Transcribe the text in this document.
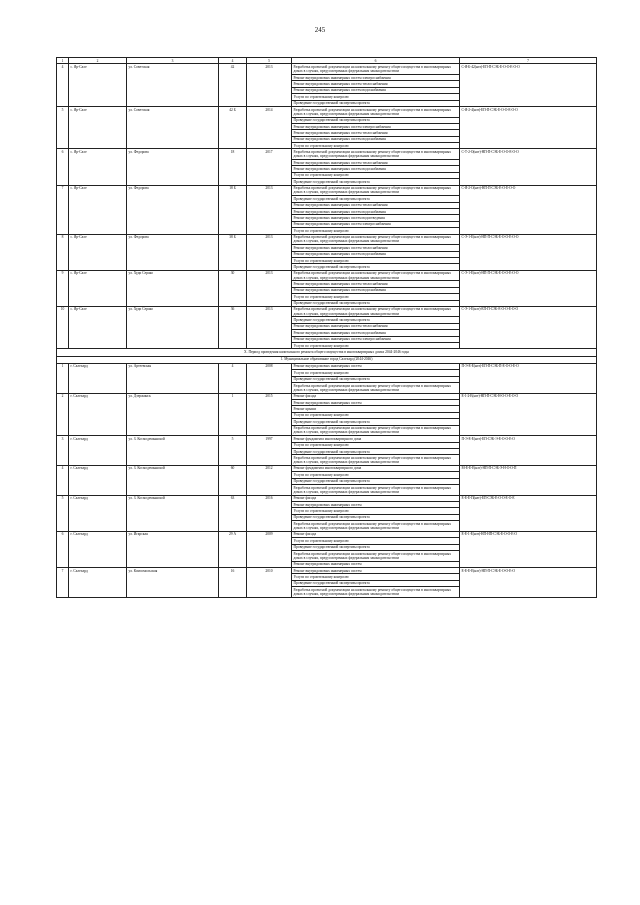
245
1	2	3	4	5	6	7
4	с. Яр-Сале	ул. Советская	42	2013	Разработка проектной документации на капитальному ремонту общего имущества в многоквартирных домах в случаях, предусмотренных федеральным законодательством	С-Я-Б-42(нлт)-ЕП-П-СЭБ-Е-О-О-Е-О-О
					Ремонт внутридомовых инженерных систем электроснабжения	
					Ремонт внутридомовых инженерных систем теплоснабжения	
					Ремонт внутридомовых инженерных систем водоснабжения	
					Услуги по строительному контролю	
					Проведение государственной экспертизы проекта	
5	с. Яр-Сале	ул. Советская	42 Б	2014	Разработка проектной документации на капитальному ремонту общего имущества в многоквартирных домах в случаях, предусмотренных федеральным законодательством	С-Я-2-4(нлт)-ЕП-П-СЭБ-Е-О-О-Е-О-О
					Проведение государственной экспертизы проекта	
					Ремонт внутридомовых инженерных систем электроснабжения	
					Ремонт внутридомовых инженерных систем теплоснабжения	
					Ремонт внутридомовых инженерных систем водоснабжения	
					Услуги по строительному контролю	
6	с. Яр-Сале	ул. Федорова	18	2017	Разработка проектной документации на капитальному ремонту общего имущества в многоквартирных домах в случаях, предусмотренных федеральным законодательством	С-Т-2-О(нлт)-НП-П-СЭБ-Е-О-О-Е-О-О
					Ремонт внутридомовых инженерных систем теплоснабжения	
					Ремонт внутридомовых инженерных систем водоснабжения	
					Услуги по строительному контролю	
					Проведение государственной экспертизы проекта	
7	с. Яр-Сале	ул. Федорова	18 Б	2013	Разработка проектной документации на капитальному ремонту общего имущества в многоквартирных домах в случаях, предусмотренных федеральным законодательством	С-Я-2-О(нлт)-НП-П-СЭБ-Е-О-Е-О-О
					Проведение государственной экспертизы проекта	
					Ремонт внутридомовых инженерных систем теплоснабжения	
					Ремонт внутридомовых инженерных систем водоснабжения	
					Ремонт внутридомовых инженерных систем водоотведения	
					Ремонт внутридомовых инженерных систем электроснабжения	
					Услуги по строительному контролю	
8	с. Яр-Сале	ул. Федорова	38 Б	2013	Разработка проектной документации на капитальному ремонту общего имущества в многоквартирных домах в случаях, предусмотренных федеральным законодательством	С-Э-1-Е(нлт)-НП-П-СЭБ-Е-О-О-Е-О-О
					Ремонт внутридомовых инженерных систем теплоснабжения	
					Ремонт внутридомовых инженерных систем водоснабжения	
					Услуги по строительному контролю	
					Проведение государственной экспертизы проекта	
9	с. Яр-Сале	ул. Худи Серако	30	2013	Разработка проектной документации на капитальному ремонту общего имущества в многоквартирных домах в случаях, предусмотренных федеральным законодательством	С-Э-1-Е(нлт)-НП-П-СЭБ-Е-О-О-Е-О-О
					Ремонт внутридомовых инженерных систем теплоснабжения	
					Ремонт внутридомовых инженерных систем водоснабжения	
					Услуги по строительному контролю	
					Проведение государственной экспертизы проекта	
10	с. Яр-Сале	ул. Худи Серако	36	2013	Разработка проектной документации на капитальному ремонту общего имущества в многоквартирных домах в случаях, предусмотренных федеральным законодательством	С-Э-1-Е(нлт)-ЕП-П-СЭБ-Е-О-О-Е-О-О
					Проведение государственной экспертизы проекта	
					Ремонт внутридомовых инженерных систем теплоснабжения	
					Ремонт внутридомовых инженерных систем водоснабжения	
					Ремонт внутридомовых инженерных систем электроснабжения	
					Услуги по строительному контролю	
X. Период проведения капитального ремонта общего имущества в многоквартирных домах 2044-2046 годы						
1. Муниципальное образование город Салехард (2044-2046)						
1	г. Салехард	ул. Артеевская	4	2008	Ремонт внутридомовых инженерных систем	П-Э-Е-Е(нлт)-ЕП-П-СЭБ-П-Е-О-О-Е-О
					Услуги по строительному контролю	
					Проведение государственной экспертизы проекта	
					Разработка проектной документации на капитальному ремонту общего имущества в многоквартирных домах в случаях, предусмотренных федеральным законодательством	
2	г. Салехард	ул. Дзержинск	1	2015	Ремонт фасада	Е-1-2-Е(нлт)-НП-П-СЭБ-Н-О-О-Е-О-О
					Ремонт внутридомовых инженерных систем	
					Ремонт крыши	
					Услуги по строительному контролю	
					Проведение государственной экспертизы проекта	
					Разработка проектной документации на капитальному ремонту общего имущества в многоквартирных домах в случаях, предусмотренных федеральным законодательством	
3	г. Салехард	ул. З. Космодемьянской	5	1997	Ремонт фундамента многоквартирного дома	П-Э-Е-Е(нлт)-ЕП-СЭБ-Э-Е-О-О-Е-О
					Услуги по строительному контролю	
					Проведение государственной экспертизы проекта	
					Разработка проектной документации на капитальному ремонту общего имущества в многоквартирных домах в случаях, предусмотренных федеральным законодательством	
4	г. Салехард	ул. З. Космодемьянской	60	2012	Ремонт фундамента многоквартирного дома	М-Е-Е-Е(нлт)-НП-П-СЭБ-Э-Н-О-О-П
					Услуги по строительному контролю	
					Проведение государственной экспертизы проекта	
					Разработка проектной документации на капитальному ремонту общего имущества в многоквартирных домах в случаях, предусмотренных федеральным законодательством	
5	г. Салехард	ул. З. Космодемьянской	63	2016	Ремонт фасада	Е-Е-Е-П(нлт)-ЕП-СЭБ-Е-О-О-Е-О-Е
					Ремонт внутридомовых инженерных систем	
					Услуги по строительному контролю	
					Проведение государственной экспертизы проекта	
					Разработка проектной документации на капитальному ремонту общего имущества в многоквартирных домах в случаях, предусмотренных федеральным законодательством	
6	г. Салехард	ул. Игарская	29 А	2009	Ремонт фасада	Е-Е-1-Е(нлт)-НП-НП-СЭБ-Е-О-О-Е-О
					Услуги по строительному контролю	
					Проведение государственной экспертизы проекта	
					Разработка проектной документации на капитальному ремонту общего имущества в многоквартирных домах в случаях, предусмотренных федеральным законодательством	
					Ремонт внутридомовых инженерных систем	
7	г. Салехард	ул. Комсомольская	16	2010	Ремонт внутридомовых инженерных систем	Е-Е-Е-Е(нлт)-НП-П-СЭБ-Е-О-О-Е-О
					Услуги по строительному контролю	
					Проведение государственной экспертизы проекта	
					Разработка проектной документации на капитальному ремонту общего имущества в многоквартирных домах в случаях, предусмотренных федеральным законодательством	
